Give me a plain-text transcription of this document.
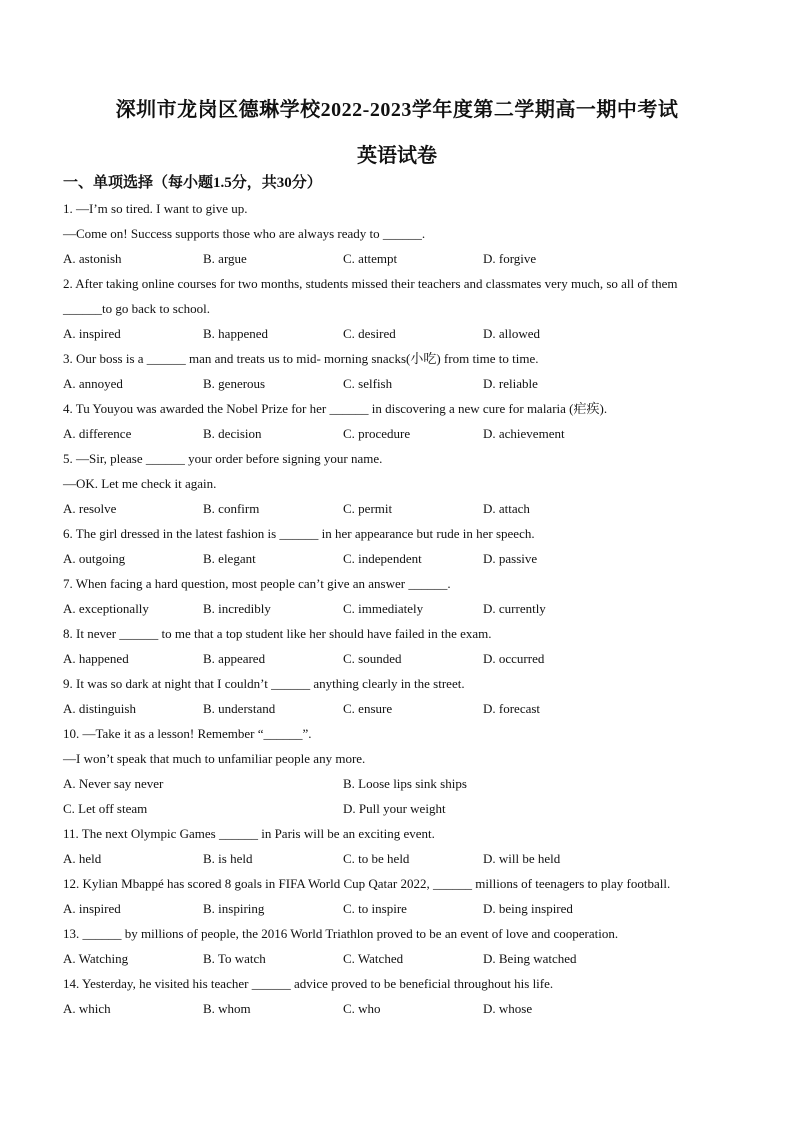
深圳市龙岗区德琳学校2022-2023学年度第二学期高一期中考试
英语试卷
一、单项选择（每小题1.5分，共30分）
1. —I’m so tired. I want to give up.
—Come on! Success supports those who are always ready to ______.
A. astonish	B. argue	C. attempt	D. forgive
2. After taking online courses for two months, students missed their teachers and classmates very much, so all of them
______to go back to school.
A. inspired	B. happened	C. desired	D. allowed
3. Our boss is a ______ man and treats us to mid- morning snacks(小吃) from time to time.
A. annoyed	B. generous	C. selfish	D. reliable
4. Tu Youyou was awarded the Nobel Prize for her ______ in discovering a new cure for malaria (疟疾).
A. difference	B. decision	C. procedure	D. achievement
5. —Sir, please ______ your order before signing your name.
—OK. Let me check it again.
A. resolve	B. confirm	C. permit	D. attach
6. The girl dressed in the latest fashion is ______ in her appearance but rude in her speech.
A. outgoing	B. elegant	C. independent	D. passive
7. When facing a hard question, most people can’t give an answer ______.
A. exceptionally	B. incredibly	C. immediately	D. currently
8. It never ______ to me that a top student like her should have failed in the exam.
A. happened	B. appeared	C. sounded	D. occurred
9. It was so dark at night that I couldn’t ______ anything clearly in the street.
A. distinguish	B. understand	C. ensure	D. forecast
10. —Take it as a lesson! Remember “______”.
—I won’t speak that much to unfamiliar people any more.
A. Never say never	B. Loose lips sink ships
C. Let off steam	D. Pull your weight
11. The next Olympic Games ______ in Paris will be an exciting event.
A. held	B. is held	C. to be held	D. will be held
12. Kylian Mbappé has scored 8 goals in FIFA World Cup Qatar 2022, ______ millions of teenagers to play football.
A. inspired	B. inspiring	C. to inspire	D. being inspired
13. ______ by millions of people, the 2016 World Triathlon proved to be an event of love and cooperation.
A. Watching	B. To watch	C. Watched	D. Being watched
14. Yesterday, he visited his teacher ______ advice proved to be beneficial throughout his life.
A. which	B. whom	C. who	D. whose
